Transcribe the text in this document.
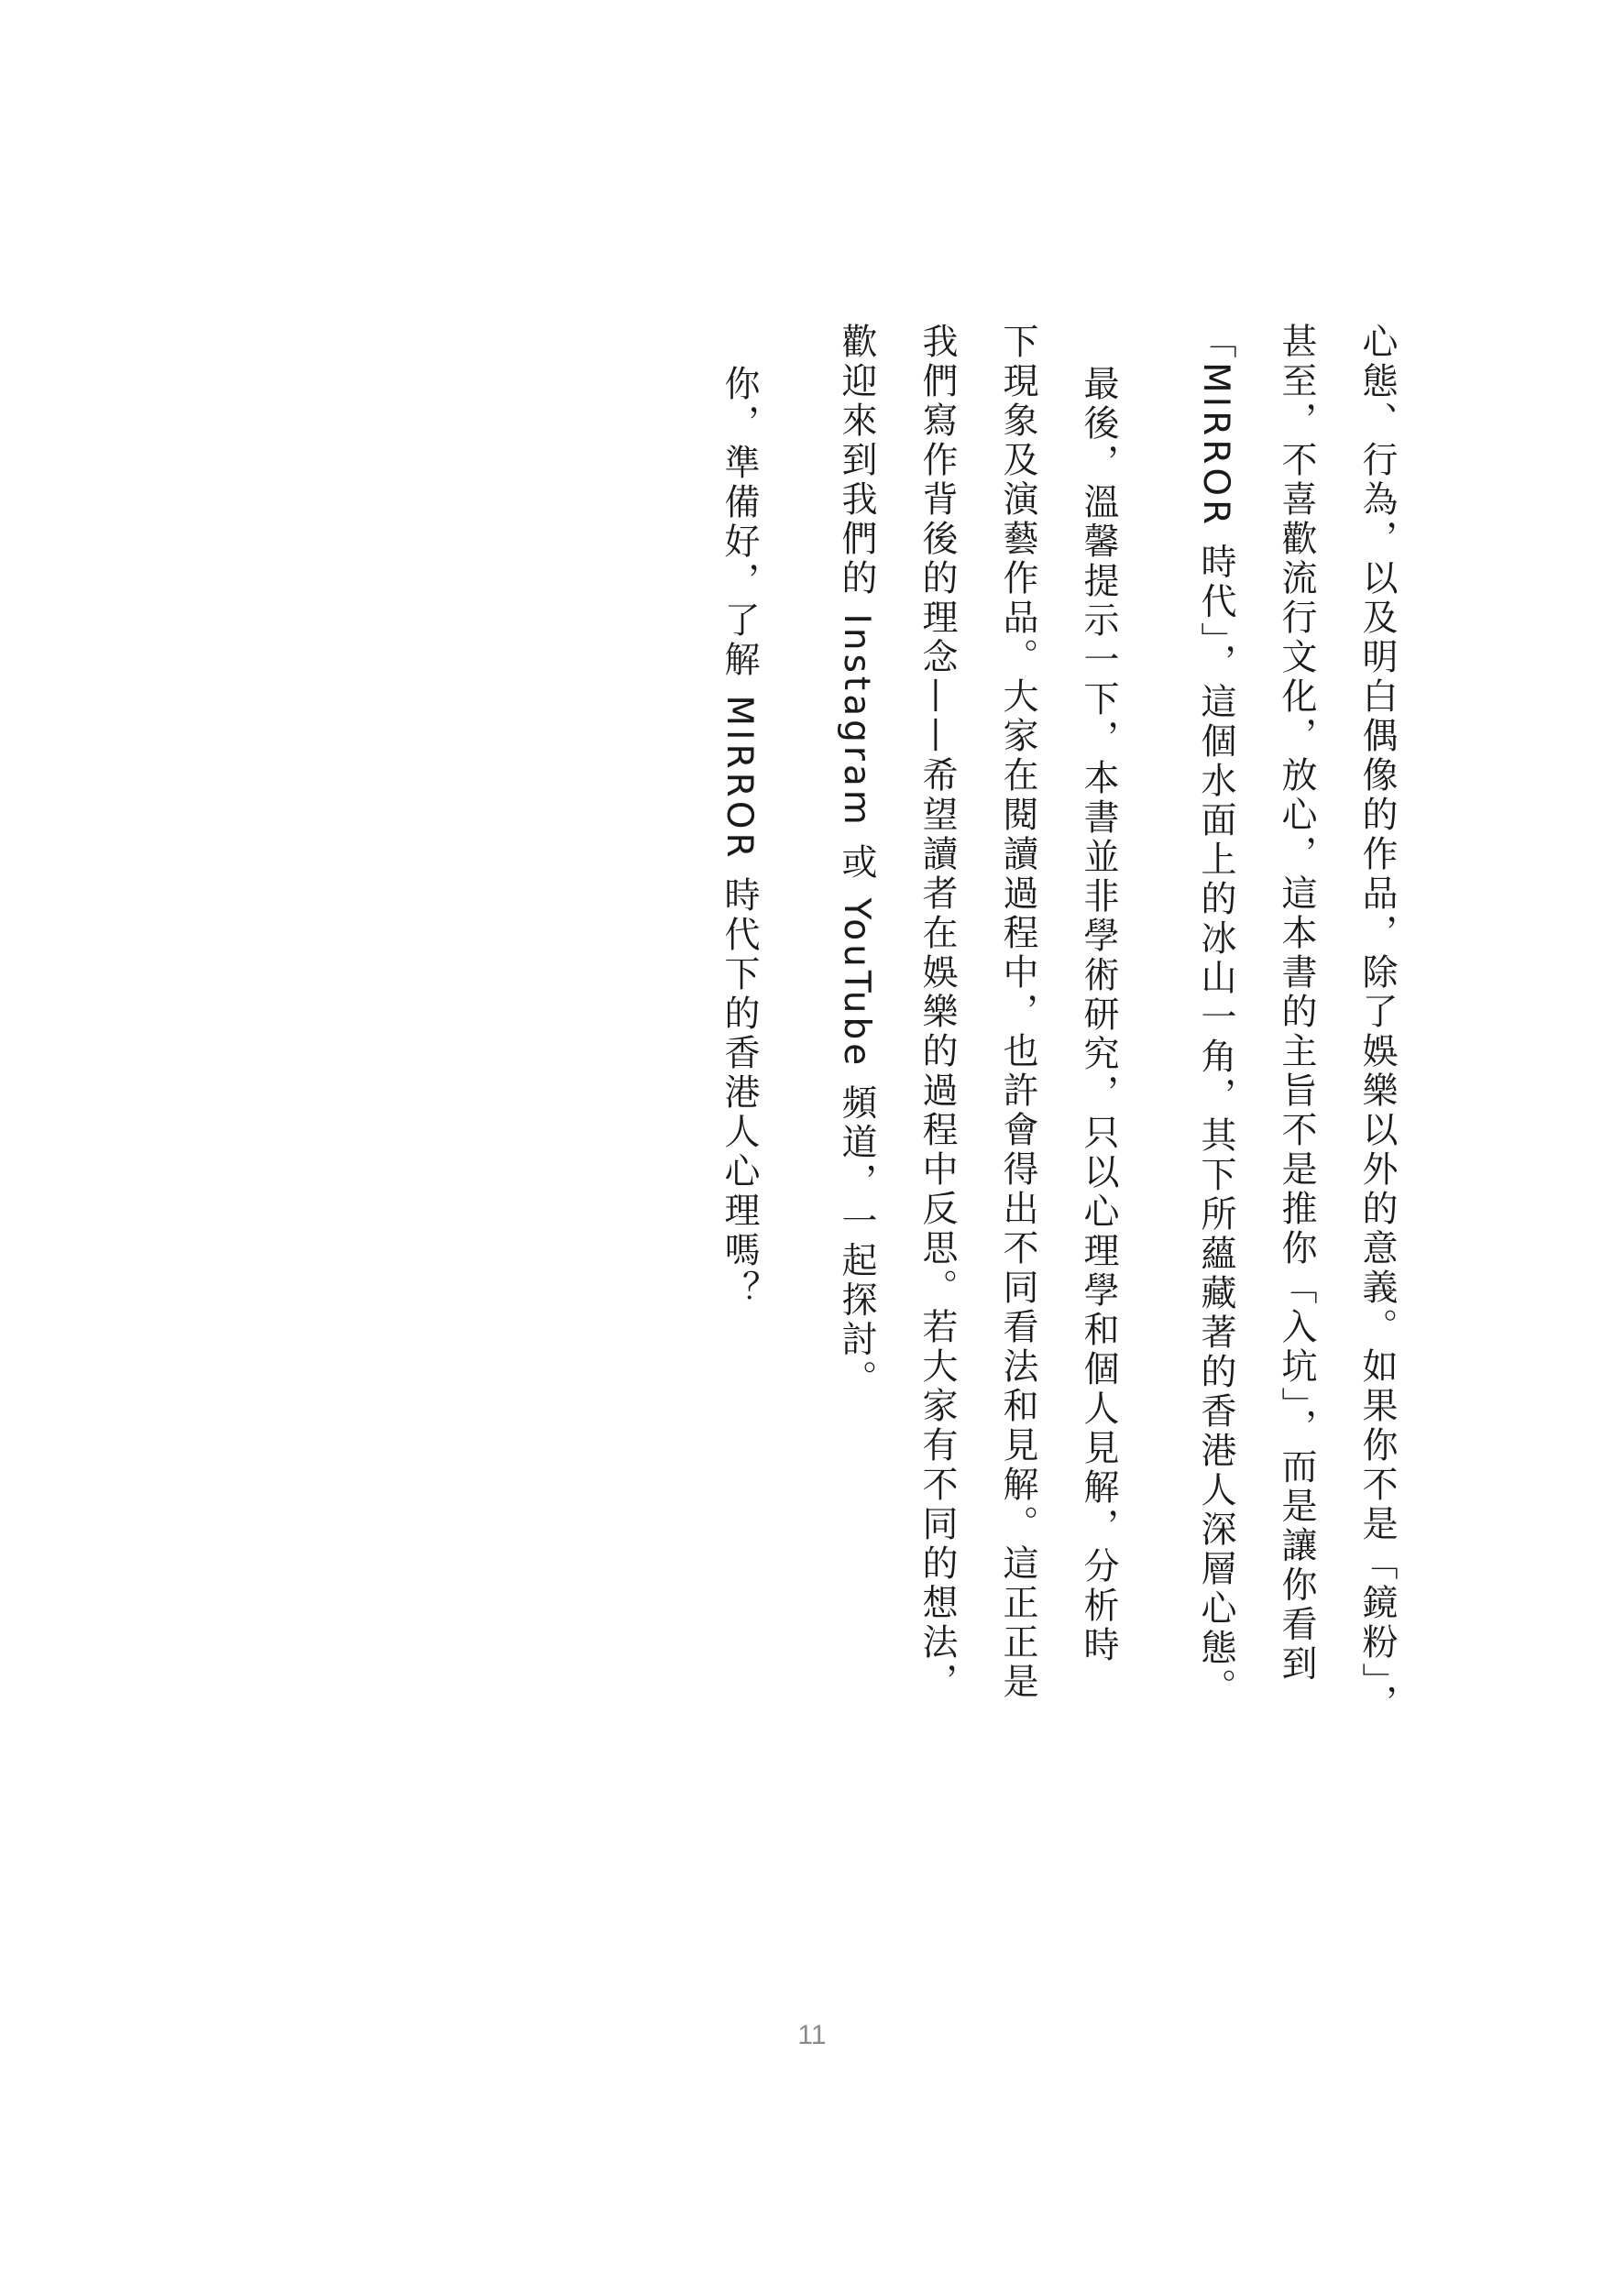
心態、行為，以及明白偶像的作品，除了娛樂以外的意義。如果你不是「鏡粉」，
甚至，不喜歡流行文化，放心，這本書的主旨不是推你「入坑」，而是讓你看到
「MIRROR 時代」，這個水面上的冰山一角，其下所蘊藏著的香港人深層心態。
最後，溫馨提示一下，本書並非學術研究，只以心理學和個人見解，分析時
下現象及演藝作品。大家在閱讀過程中，也許會得出不同看法和見解。這正正是
我們寫作背後的理念——希望讀者在娛樂的過程中反思。若大家有不同的想法，
歡迎來到我們的 Instagram 或 YouTube 頻道，一起探討。
你，準備好，了解 MIRROR 時代下的香港人心理嗎？
11
